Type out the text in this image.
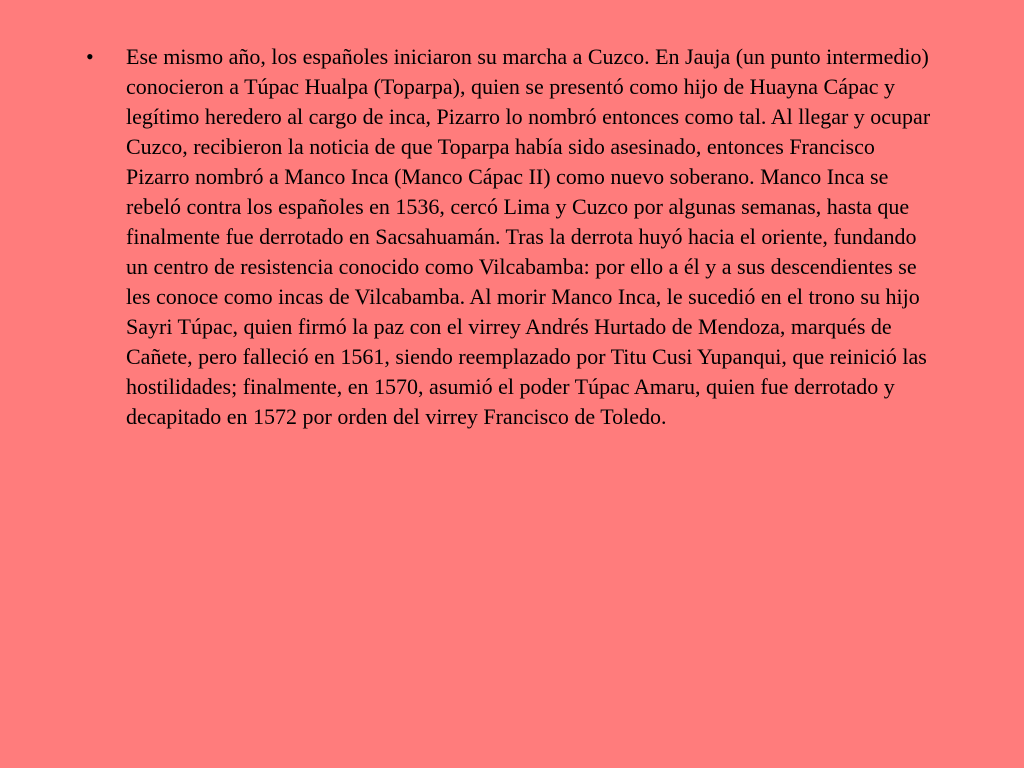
•	Ese mismo año, los españoles iniciaron su marcha a Cuzco. En Jauja (un punto intermedio) conocieron a Túpac Hualpa (Toparpa), quien se presentó como hijo de Huayna Cápac y legítimo heredero al cargo de inca, Pizarro lo nombró entonces como tal. Al llegar y ocupar Cuzco, recibieron la noticia de que Toparpa había sido asesinado, entonces Francisco Pizarro nombró a Manco Inca (Manco Cápac II) como nuevo soberano. Manco Inca se rebeló contra los españoles en 1536, cercó Lima y Cuzco por algunas semanas, hasta que finalmente fue derrotado en Sacsahuamán. Tras la derrota huyó hacia el oriente, fundando un centro de resistencia conocido como Vilcabamba: por ello a él y a sus descendientes se les conoce como incas de Vilcabamba. Al morir Manco Inca, le sucedió en el trono su hijo Sayri Túpac, quien firmó la paz con el virrey Andrés Hurtado de Mendoza, marqués de Cañete, pero falleció en 1561, siendo reemplazado por Titu Cusi Yupanqui, que reinició las hostilidades; finalmente, en 1570, asumió el poder Túpac Amaru, quien fue derrotado y decapitado en 1572 por orden del virrey Francisco de Toledo.
